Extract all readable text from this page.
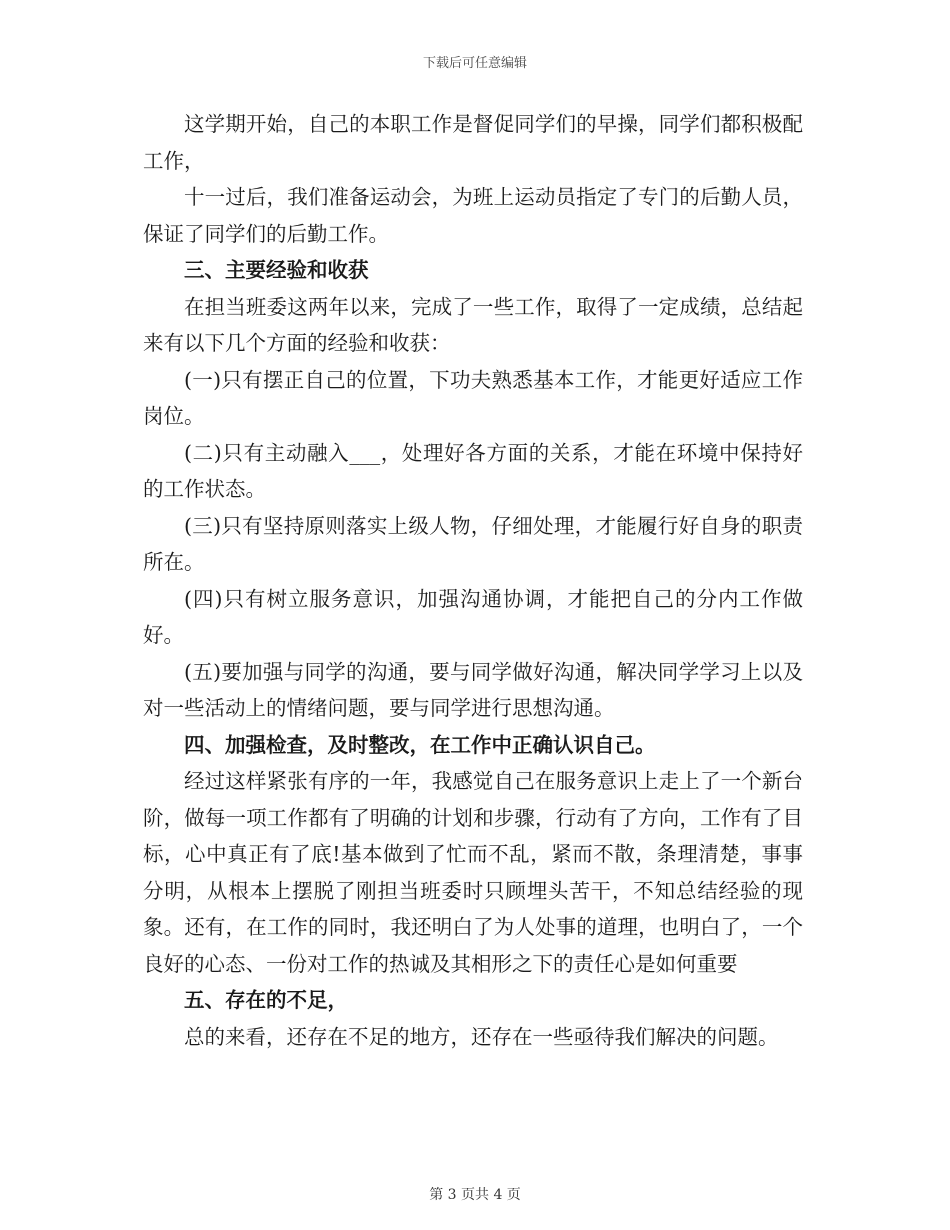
下载后可任意编辑

这学期开始，自己的本职工作是督促同学们的早操，同学们都积极配工作，

十一过后，我们准备运动会，为班上运动员指定了专门的后勤人员，保证了同学们的后勤工作。

三、主要经验和收获

在担当班委这两年以来，完成了一些工作，取得了一定成绩，总结起来有以下几个方面的经验和收获：

(一)只有摆正自己的位置，下功夫熟悉基本工作，才能更好适应工作岗位。

(二)只有主动融入___，处理好各方面的关系，才能在环境中保持好的工作状态。

(三)只有坚持原则落实上级人物，仔细处理，才能履行好自身的职责所在。

(四)只有树立服务意识，加强沟通协调，才能把自己的分内工作做好。

(五)要加强与同学的沟通，要与同学做好沟通，解决同学学习上以及对一些活动上的情绪问题，要与同学进行思想沟通。

四、加强检查，及时整改，在工作中正确认识自己。

经过这样紧张有序的一年，我感觉自己在服务意识上走上了一个新台阶，做每一项工作都有了明确的计划和步骤，行动有了方向，工作有了目标，心中真正有了底!基本做到了忙而不乱，紧而不散，条理清楚，事事分明，从根本上摆脱了刚担当班委时只顾埋头苦干，不知总结经验的现象。还有，在工作的同时，我还明白了为人处事的道理，也明白了，一个良好的心态、一份对工作的热诚及其相形之下的责任心是如何重要

五、存在的不足，

总的来看，还存在不足的地方，还存在一些亟待我们解决的问题。

第 3 页共 4 页
